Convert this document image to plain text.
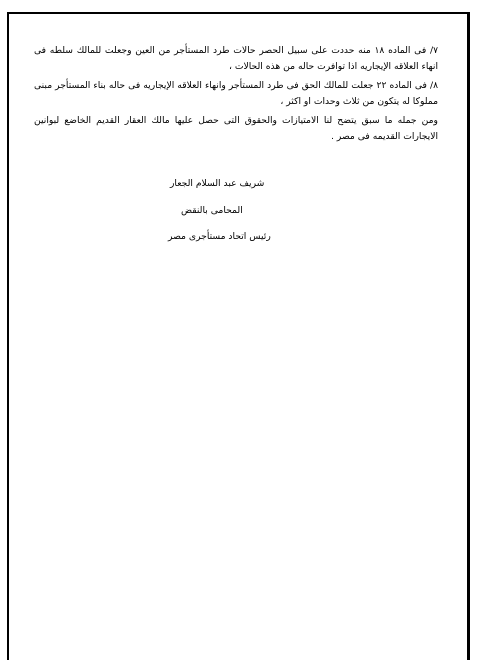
٧/ فى الماده ١٨ منه حددت على سبيل الحصر حالات طرد المستأجر من العين وجعلت للمالك سلطه فى انهاء العلاقه الإيجاريه اذا توافرت حاله من هذه الحالات ،

٨/ فى الماده ٢٢ جعلت للمالك الحق فى طرد المستأجر وانهاء العلاقه الإيجاريه فى حاله بناء المستأجر مبنى مملوكا له يتكون من ثلاث وحدات او اكثر ،

ومن جمله ما سبق يتضح لنا الامتيازات والحقوق التى حصل عليها مالك العقار القديم الخاضع لبوانين الايجارات القديمه فى مصر .

شريف عبد السلام الجعار
المحامى بالنقض
رئيس اتحاد مستأجرى مصر
